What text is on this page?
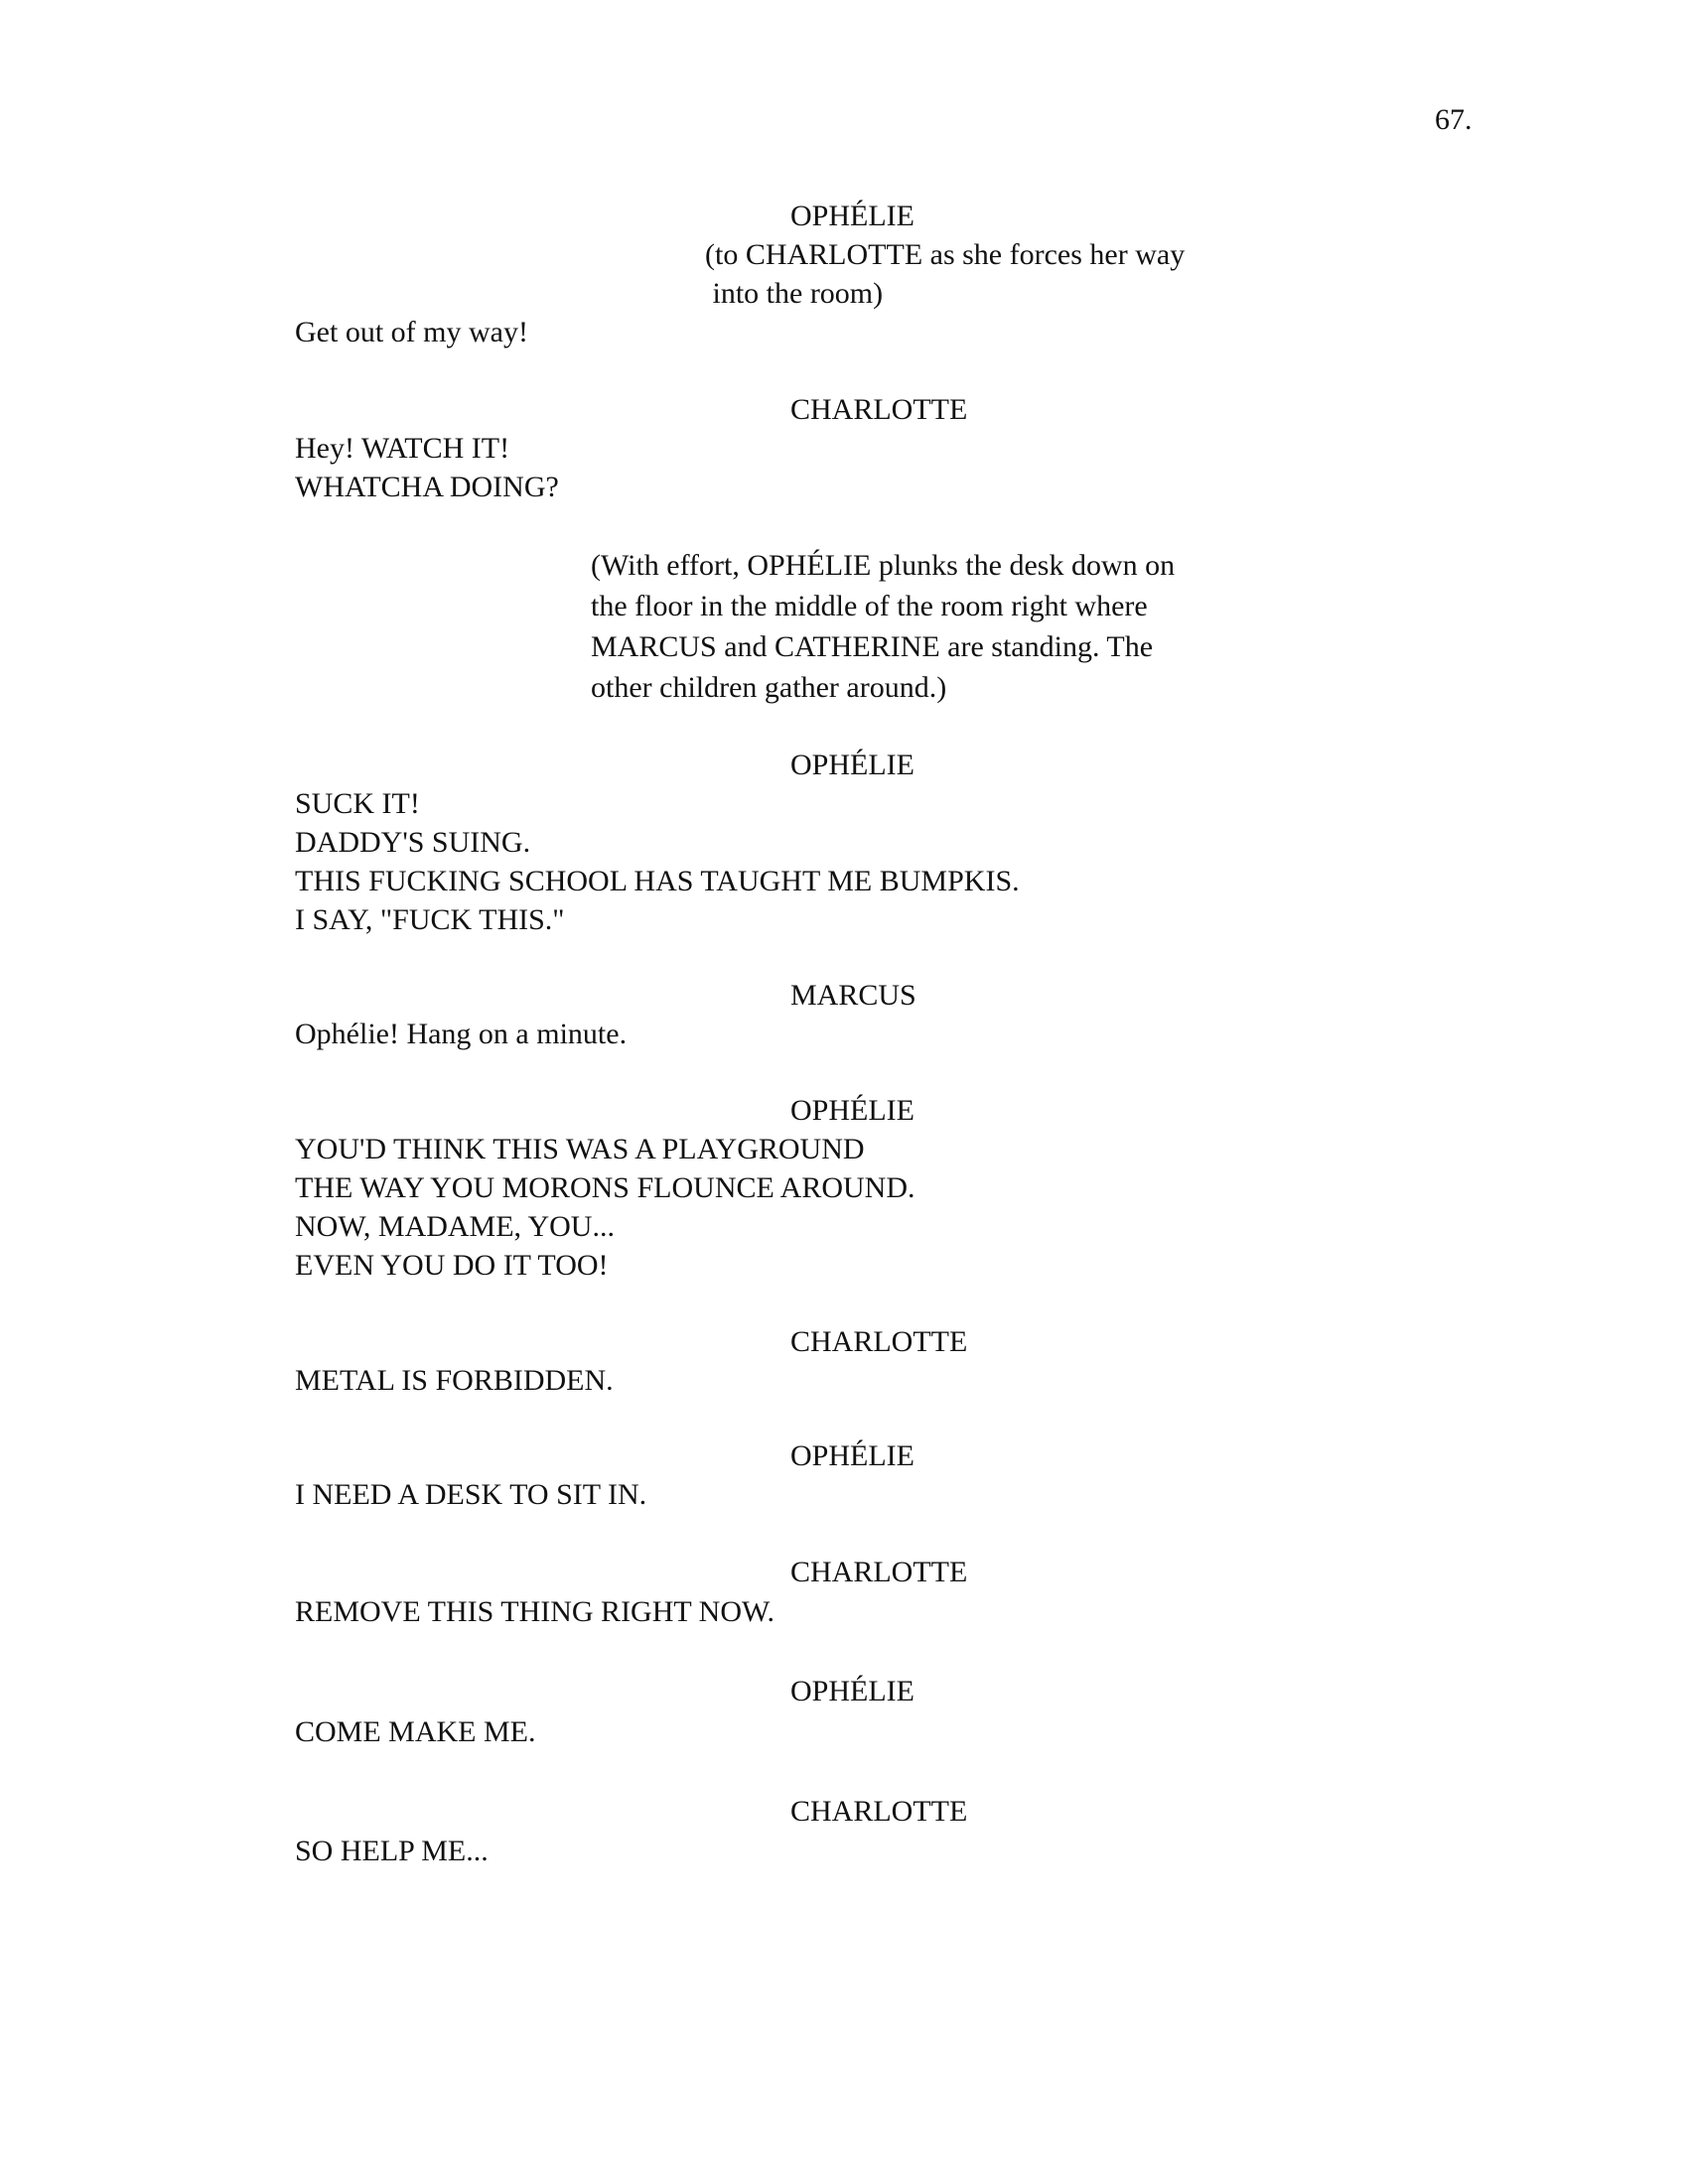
67.
OPHÉLIE
(to CHARLOTTE as she forces her way
into the room)
Get out of my way!
CHARLOTTE
Hey! WATCH IT!
WHATCHA DOING?
(With effort, OPHÉLIE plunks the desk down on
the floor in the middle of the room right where
MARCUS and CATHERINE are standing. The
other children gather around.)
OPHÉLIE
SUCK IT!
DADDY'S SUING.
THIS FUCKING SCHOOL HAS TAUGHT ME BUMPKIS.
I SAY, "FUCK THIS."
MARCUS
Ophélie! Hang on a minute.
OPHÉLIE
YOU'D THINK THIS WAS A PLAYGROUND
THE WAY YOU MORONS FLOUNCE AROUND.
NOW, MADAME, YOU...
EVEN YOU DO IT TOO!
CHARLOTTE
METAL IS FORBIDDEN.
OPHÉLIE
I NEED A DESK TO SIT IN.
CHARLOTTE
REMOVE THIS THING RIGHT NOW.
OPHÉLIE
COME MAKE ME.
CHARLOTTE
SO HELP ME...
